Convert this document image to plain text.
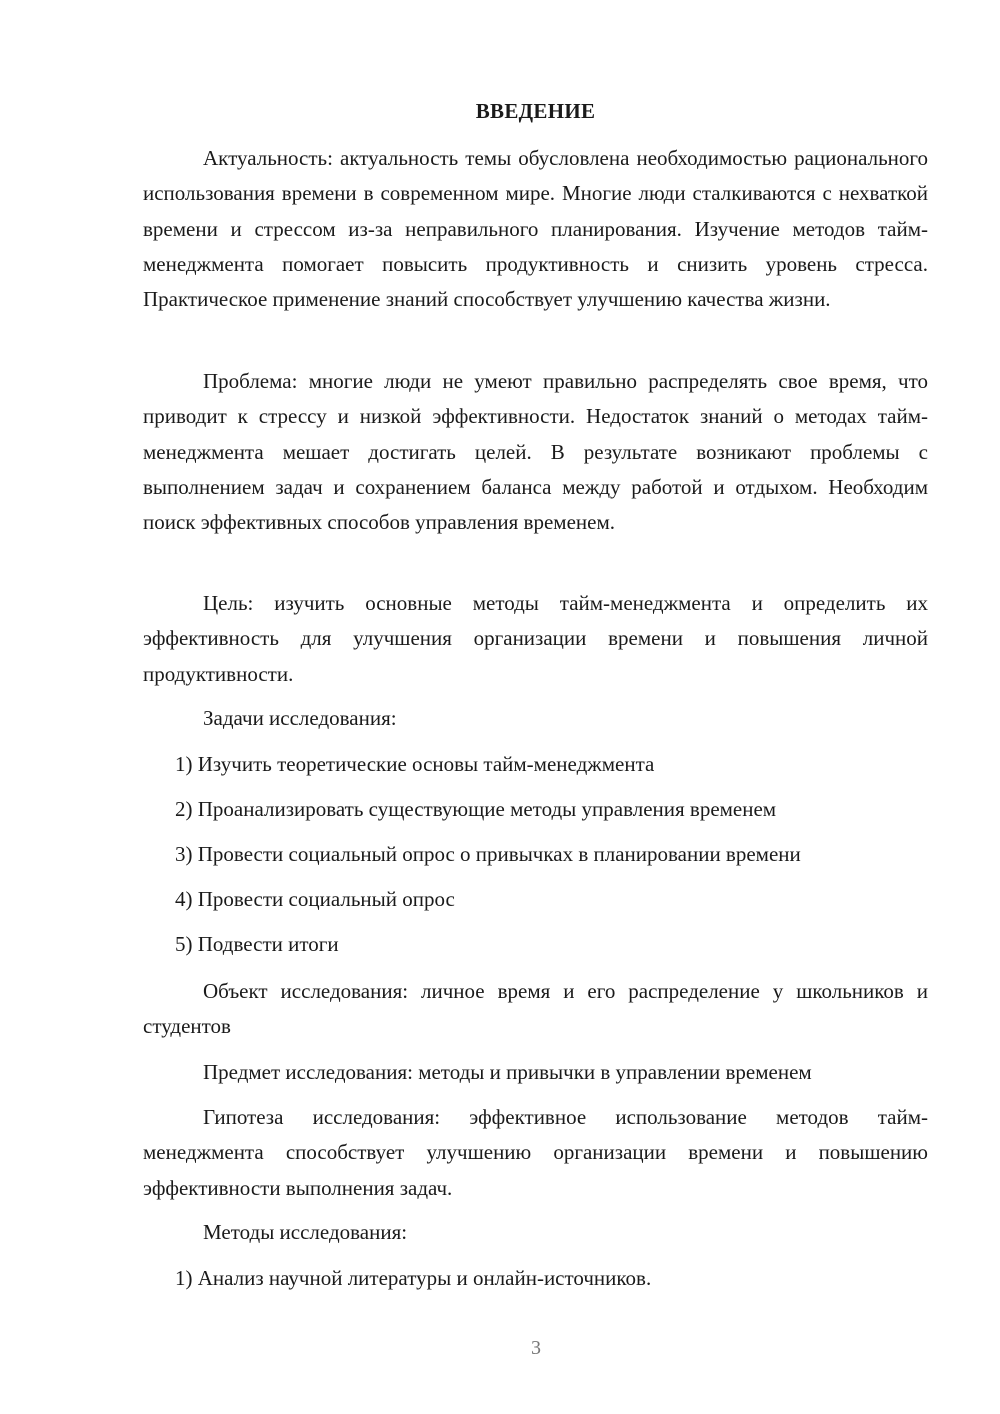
ВВЕДЕНИЕ

Актуальность: актуальность темы обусловлена необходимостью рационального использования времени в современном мире. Многие люди сталкиваются с нехваткой времени и стрессом из-за неправильного планирования. Изучение методов тайм-менеджмента помогает повысить продуктивность и снизить уровень стресса. Практическое применение знаний способствует улучшению качества жизни.

Проблема: многие люди не умеют правильно распределять свое время, что приводит к стрессу и низкой эффективности. Недостаток знаний о методах тайм-менеджмента мешает достигать целей. В результате возникают проблемы с выполнением задач и сохранением баланса между работой и отдыхом. Необходим поиск эффективных способов управления временем.

Цель: изучить основные методы тайм-менеджмента и определить их эффективность для улучшения организации времени и повышения личной продуктивности.

Задачи исследования:

1) Изучить теоретические основы тайм-менеджмента

2) Проанализировать существующие методы управления временем

3) Провести социальный опрос о привычках в планировании времени

4) Провести социальный опрос

5) Подвести итоги

Объект исследования: личное время и его распределение у школьников и студентов

Предмет исследования: методы и привычки в управлении временем

Гипотеза исследования: эффективное использование методов тайм-менеджмента способствует улучшению организации времени и повышению эффективности выполнения задач.

Методы исследования:

1) Анализ научной литературы и онлайн-источников.

3
